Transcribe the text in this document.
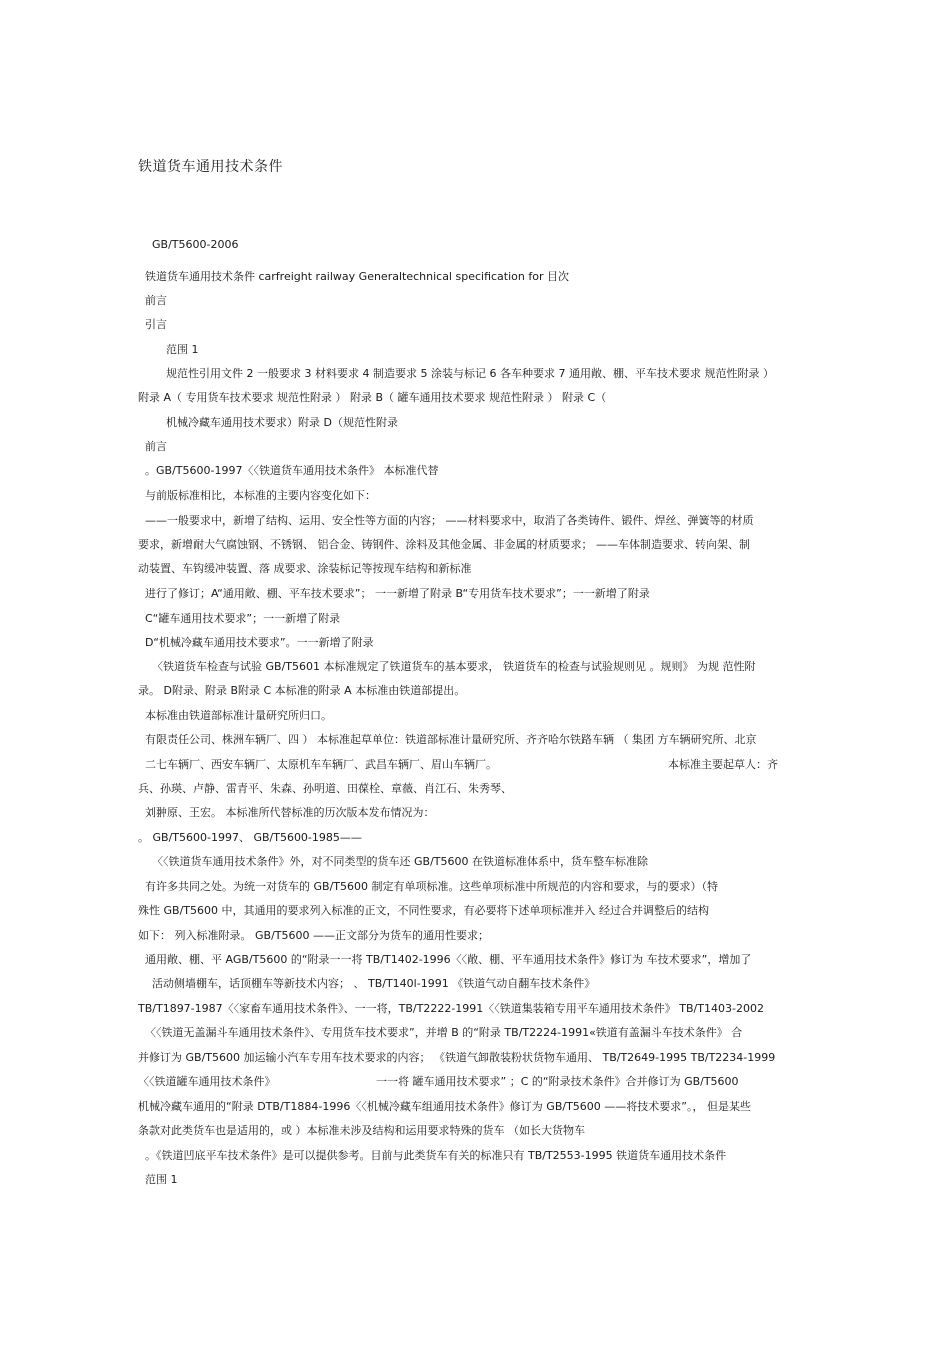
铁道货车通用技术条件
GB/T5600-2006
铁道货车通用技术条件 carfreight railway Generaltechnical specification for 目次
前言
引言
范围 1
规范性引用文件 2 一般要求 3 材料要求 4 制造要求 5 涂装与标记 6 各车种要求 7 通用敞、棚、平车技术要求 规范性附录 ）
附录 A（ 专用货车技术要求 规范性附录 ） 附录 B（ 罐车通用技术要求 规范性附录 ） 附录 C（
机械冷藏车通用技术要求）附录 D（规范性附录
前言
。GB/T5600-1997〈〈铁道货车通用技术条件》 本标准代替
与前版标准相比，本标准的主要内容变化如下：
——一般要求中，新增了结构、运用、安全性等方面的内容； ——材料要求中，取消了各类铸件、锻件、焊丝、弹簧等的材质
要求，新增耐大气腐蚀钢、不锈钢、 铝合金、铸钢件、涂料及其他金属、非金属的材质要求； ——车体制造要求、转向架、制
动装置、车钩缓冲装置、落 成要求、涂装标记等按现车结构和新标准
进行了修订；A“通用敞、棚、平车技术要求”； 一一新增了附录 B“专用货车技术要求”；一一新增了附录
C“罐车通用技术要求”；一一新增了附录
D“机械冷藏车通用技术要求”。一一新增了附录
〈铁道货车检查与试验 GB/T5601 本标准规定了铁道货车的基本要求， 铁道货车的检查与试验规则见 。规则》 为规 范性附
录。 D附录、附录 B附录 C 本标准的附录 A 本标准由铁道部提出。
本标准由铁道部标准计量研究所归口。
有限责任公司、株洲车辆厂、四 ） 本标准起草单位：铁道部标准计量研究所、齐齐哈尔铁路车辆 （ 集团 方车辆研究所、北京
二七车辆厂、西安车辆厂、太原机车车辆厂、武昌车辆厂、眉山车辆厂。	本标准主要起草人：齐
兵、孙瑛、卢静、雷青平、朱森、孙明道、田葆栓、章薇、肖江石、朱秀琴、
刘翀原、王宏。 本标准所代替标准的历次版本发布情况为：
。 GB/T5600-1997、 GB/T5600-1985——
〈〈铁道货车通用技术条件》外，对不同类型的货车还 GB/T5600 在铁道标准体系中，货车整车标准除
有许多共同之处。为统一对货车的 GB/T5600 制定有单项标准。这些单项标准中所规范的内容和要求，与的要求）（特
殊性 GB/T5600 中，其通用的要求列入标准的正文，不同性要求，有必要将下述单项标准并入 经过合并调整后的结构
如下： 列入标准附录。 GB/T5600 ——正文部分为货车的通用性要求；
通用敞、棚、平 AGB/T5600 的“附录一一将 TB/T1402-1996〈〈敞、棚、平车通用技术条件》修订为 车技术要求”，增加了
活动侧墙棚车，话顶棚车等新技术内容； 、 TB/T140l-1991 《铁道气动自翻车技术条件》
TB/T1897-1987〈〈家畜车通用技术条件》、一一将，TB/T2222-1991〈〈铁道集装箱专用平车通用技术条件》 TB/T1403-2002
〈〈铁道无盖漏斗车通用技术条件》、专用货车技术要求”，并增 B 的“附录 TB/T2224-1991«铁道有盖漏斗车技术条件》 合
并修订为 GB/T5600 加运输小汽车专用车技术要求的内容； 《铁道气卸散装粉状货物车通用、 TB/T2649-1995 TB/T2234-1999
〈〈铁道罐车通用技术条件》	一一将 罐车通用技术要求” ；C 的“附录技术条件》合并修订为 GB/T5600
机械冷藏车通用的“附录 DTB/T1884-1996〈〈机械冷藏车组通用技术条件》修订为 GB/T5600 ——将技术要求”。， 但是某些
条款对此类货车也是适用的，或 ）本标准未涉及结构和运用要求特殊的货车 （如长大货物车
。《铁道凹底平车技术条件》是可以提供参考。目前与此类货车有关的标准只有 TB/T2553-1995 铁道货车通用技术条件
范围 1
